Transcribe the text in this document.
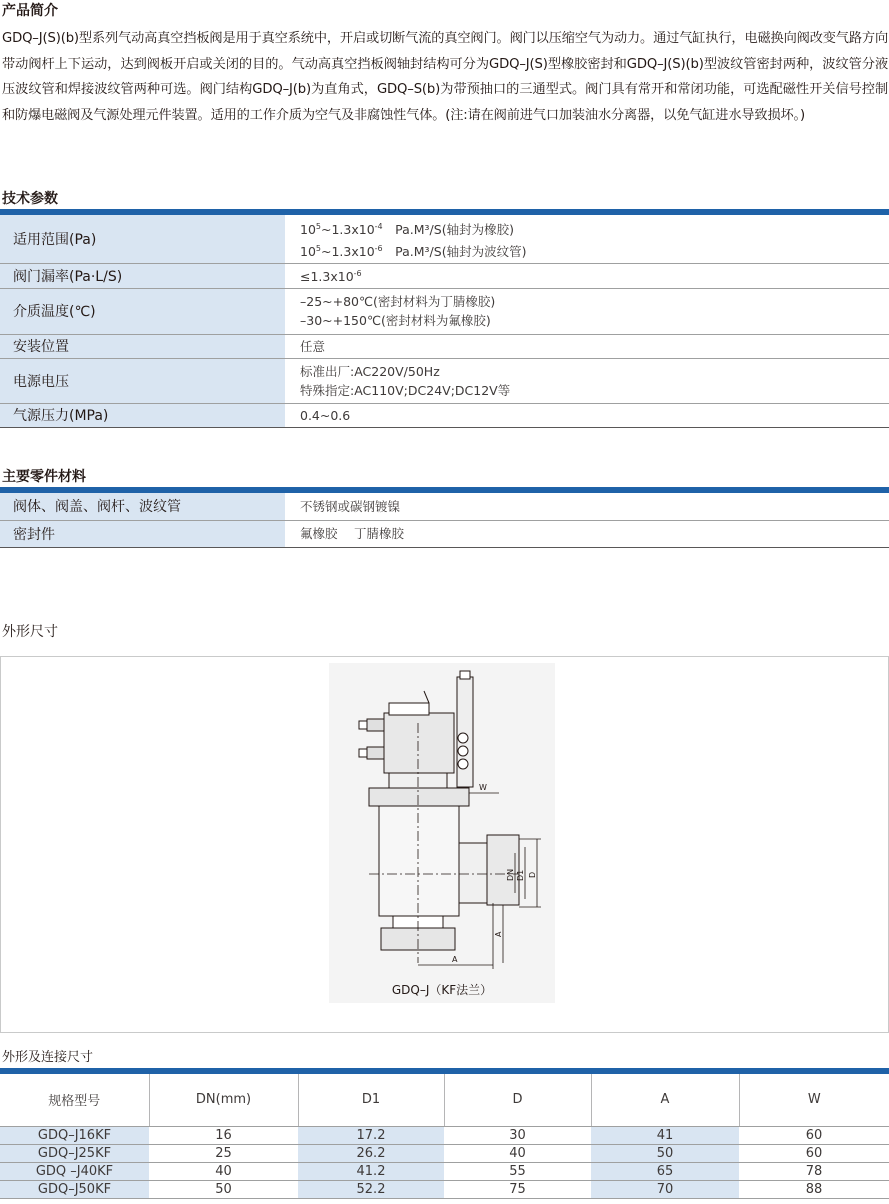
产品简介

GDQ–J(S)(b)型系列气动高真空挡板阀是用于真空系统中，开启或切断气流的真空阀门。阀门以压缩空气为动力。通过气缸执行，电磁换向阀改变气路方向带动阀杆上下运动，达到阀板开启或关闭的目的。气动高真空挡板阀轴封结构可分为GDQ–J(S)型橡胶密封和GDQ–J(S)(b)型波纹管密封两种，波纹管分液压波纹管和焊接波纹管两种可选。阀门结构GDQ–J(b)为直角式，GDQ–S(b)为带预抽口的三通型式。阀门具有常开和常闭功能，可选配磁性开关信号控制和防爆电磁阀及气源处理元件装置。适用的工作介质为空气及非腐蚀性气体。(注:请在阀前进气口加装油水分离器，以免气缸进水导致损坏。)

技术参数
适用范围(Pa)	$10^5\sim 1.3x10^{-4}$　Pa.M³/S(轴封为橡胶)
$10^5\sim 1.3x10^{-6}$　Pa.M³/S(轴封为波纹管)

阀门漏率(Pa·L/S)	$\le 1.3x10^{-6}$
介质温度(℃)	–25~+80℃(密封材料为丁腈橡胶)
–30~+150℃(密封材料为氟橡胶)

安装位置	任意
电源电压	标准出厂:AC220V/50Hz
特殊指定:AC110V;DC24V;DC12V等

气源压力(MPa)	0.4~0.6
主要零件材料
阀体、阀盖、阀杆、波纹管	不锈钢或碳钢镀镍
密封件	氟橡胶　 丁腈橡胶
外形尺寸
W
DN D1 D
A
A
GDQ–J（KF法兰）
外形及连接尺寸
规格型号	DN(mm)	D1	D	A	W
GDQ–J16KF	16	17.2	30	41	60
GDQ–J25KF	25	26.2	40	50	60
GDQ –J40KF	40	41.2	55	65	78
GDQ–J50KF	50	52.2	75	70	88
